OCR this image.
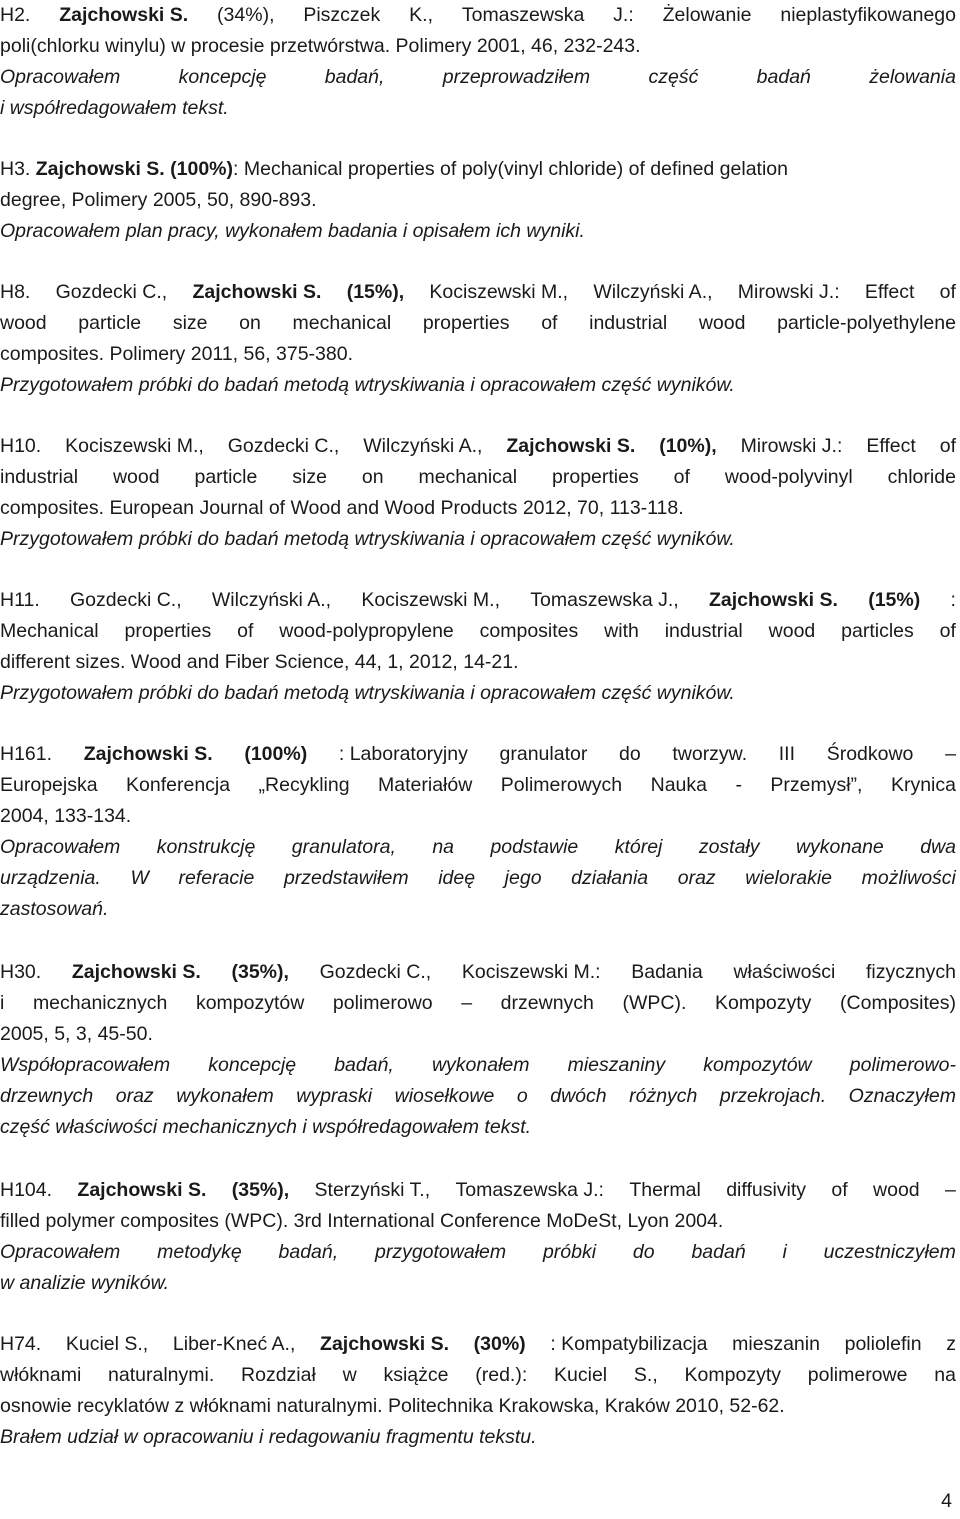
4
H2. Zajchowski S. (34%), Piszczek K., Tomaszewska J.: Żelowanie nieplastyfikowanego
poli(chlorku winylu) w procesie przetwórstwa. Polimery 2001, 46, 232-243.
Opracowałem	koncepcję	badań,	przeprowadziłem	część	badań	żelowania
i współredagowałem tekst.
H3. Zajchowski S. (100%): Mechanical properties of poly(vinyl chloride) of defined gelation
degree, Polimery 2005, 50, 890-893.
Opracowałem plan pracy, wykonałem badania i opisałem ich wyniki.
H8. Gozdecki C., Zajchowski S. (15%), Kociszewski M., Wilczyński A., Mirowski J.: Effect of
wood particle size on mechanical properties of industrial wood particle-polyethylene
composites. Polimery 2011, 56, 375-380.
Przygotowałem próbki do badań metodą wtryskiwania i opracowałem część wyników.
H10. Kociszewski M., Gozdecki C., Wilczyński A., Zajchowski S. (10%), Mirowski J.: Effect of
industrial wood particle size on mechanical properties of wood-polyvinyl chloride
composites. European Journal of Wood and Wood Products 2012, 70, 113-118.
Przygotowałem próbki do badań metodą wtryskiwania i opracowałem część wyników.
H11. Gozdecki C., Wilczyński A., Kociszewski M., Tomaszewska J., Zajchowski S. (15%) :
Mechanical properties of wood-polypropylene composites with industrial wood particles of
different sizes. Wood and Fiber Science, 44, 1, 2012, 14-21.
Przygotowałem próbki do badań metodą wtryskiwania i opracowałem część wyników.
H161. Zajchowski S. (100%) : Laboratoryjny granulator do tworzyw. III Środkowo –
Europejska Konferencja „Recykling Materiałów Polimerowych Nauka - Przemysł”, Krynica
2004, 133-134.
Opracowałem konstrukcję granulatora, na podstawie której zostały wykonane dwa
urządzenia. W referacie przedstawiłem ideę jego działania oraz wielorakie możliwości
zastosowań.
H30. Zajchowski S. (35%), Gozdecki C., Kociszewski M.: Badania właściwości fizycznych
i mechanicznych kompozytów polimerowo – drzewnych (WPC). Kompozyty (Composites)
2005, 5, 3, 45-50.
Współopracowałem koncepcję badań, wykonałem mieszaniny kompozytów polimerowo-
drzewnych oraz wykonałem wypraski wiosełkowe o dwóch różnych przekrojach. Oznaczyłem
część właściwości mechanicznych i współredagowałem tekst.
H104. Zajchowski S. (35%), Sterzyński T., Tomaszewska J.: Thermal diffusivity of wood –
filled polymer composites (WPC). 3rd International Conference MoDeSt, Lyon 2004.
Opracowałem metodykę badań, przygotowałem próbki do badań i uczestniczyłem
w analizie wyników.
H74. Kuciel S., Liber-Kneć A., Zajchowski S. (30%) : Kompatybilizacja mieszanin poliolefin z
włóknami naturalnymi. Rozdział w książce (red.): Kuciel S., Kompozyty polimerowe na
osnowie recyklatów z włóknami naturalnymi. Politechnika Krakowska, Kraków 2010, 52-62.
Brałem udział w opracowaniu i redagowaniu fragmentu tekstu.
